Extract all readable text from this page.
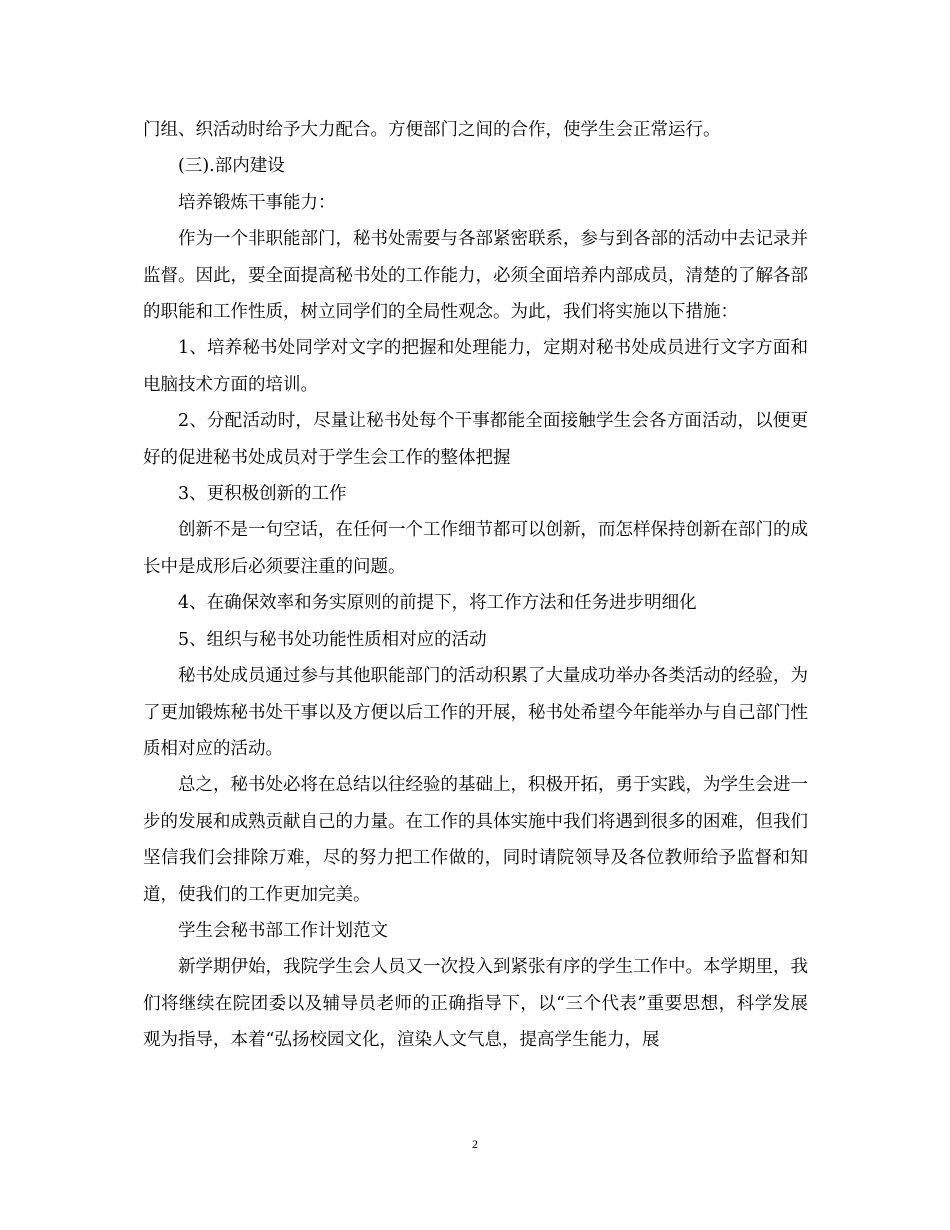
门组、织活动时给予大力配合。方便部门之间的合作，使学生会正常运行。

(三).部内建设

培养锻炼干事能力：

作为一个非职能部门，秘书处需要与各部紧密联系，参与到各部的活动中去记录并监督。因此，要全面提高秘书处的工作能力，必须全面培养内部成员，清楚的了解各部的职能和工作性质，树立同学们的全局性观念。为此，我们将实施以下措施：

1、培养秘书处同学对文字的把握和处理能力，定期对秘书处成员进行文字方面和电脑技术方面的培训。

2、分配活动时，尽量让秘书处每个干事都能全面接触学生会各方面活动，以便更好的促进秘书处成员对于学生会工作的整体把握

3、更积极创新的工作

创新不是一句空话，在任何一个工作细节都可以创新，而怎样保持创新在部门的成长中是成形后必须要注重的问题。

4、在确保效率和务实原则的前提下，将工作方法和任务进步明细化

5、组织与秘书处功能性质相对应的活动

秘书处成员通过参与其他职能部门的活动积累了大量成功举办各类活动的经验，为了更加锻炼秘书处干事以及方便以后工作的开展，秘书处希望今年能举办与自己部门性质相对应的活动。

总之，秘书处必将在总结以往经验的基础上，积极开拓，勇于实践，为学生会进一步的发展和成熟贡献自己的力量。在工作的具体实施中我们将遇到很多的困难，但我们坚信我们会排除万难，尽的努力把工作做的，同时请院领导及各位教师给予监督和知道，使我们的工作更加完美。

学生会秘书部工作计划范文

新学期伊始，我院学生会人员又一次投入到紧张有序的学生工作中。本学期里，我们将继续在院团委以及辅导员老师的正确指导下，以“三个代表”重要思想，科学发展观为指导，本着“弘扬校园文化，渲染人文气息，提高学生能力，展

2
